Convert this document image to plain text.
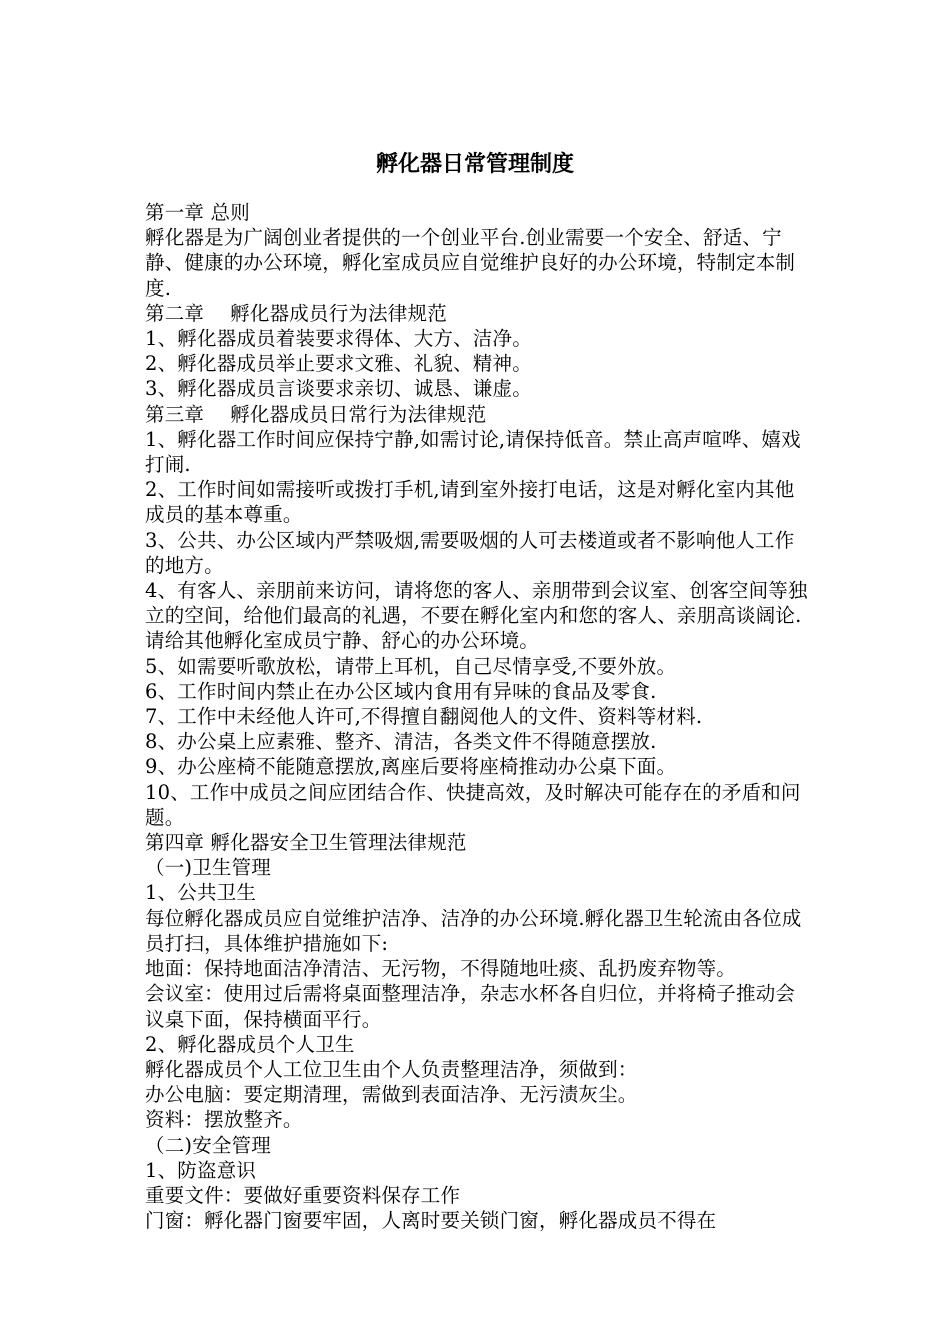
孵化器日常管理制度

第一章 总则

孵化器是为广阔创业者提供的一个创业平台.创业需要一个安全、舒适、宁静、健康的办公环境，孵化室成员应自觉维护良好的办公环境，特制定本制度.

第二章　 孵化器成员行为法律规范

1、孵化器成员着装要求得体、大方、洁净。

2、孵化器成员举止要求文雅、礼貌、精神。

3、孵化器成员言谈要求亲切、诚恳、谦虚。

第三章　 孵化器成员日常行为法律规范

1、孵化器工作时间应保持宁静,如需讨论,请保持低音。禁止高声喧哗、嬉戏打闹.

2、工作时间如需接听或拨打手机,请到室外接打电话，这是对孵化室内其他成员的基本尊重。

3、公共、办公区域内严禁吸烟,需要吸烟的人可去楼道或者不影响他人工作的地方。

4、有客人、亲朋前来访问，请将您的客人、亲朋带到会议室、创客空间等独立的空间，给他们最高的礼遇，不要在孵化室内和您的客人、亲朋高谈阔论.请给其他孵化室成员宁静、舒心的办公环境。

5、如需要听歌放松，请带上耳机，自己尽情享受,不要外放。

6、工作时间内禁止在办公区域内食用有异味的食品及零食.

7、工作中未经他人许可,不得擅自翻阅他人的文件、资料等材料.

8、办公桌上应素雅、整齐、清洁，各类文件不得随意摆放.

9、办公座椅不能随意摆放,离座后要将座椅推动办公桌下面。

10、工作中成员之间应团结合作、快捷高效，及时解决可能存在的矛盾和问题。

第四章 孵化器安全卫生管理法律规范

（一)卫生管理

1、公共卫生

每位孵化器成员应自觉维护洁净、洁净的办公环境.孵化器卫生轮流由各位成员打扫，具体维护措施如下:

地面：保持地面洁净清洁、无污物，不得随地吐痰、乱扔废弃物等。

会议室：使用过后需将桌面整理洁净，杂志水杯各自归位，并将椅子推动会议桌下面，保持横面平行。

2、孵化器成员个人卫生

孵化器成员个人工位卫生由个人负责整理洁净，须做到：

办公电脑：要定期清理，需做到表面洁净、无污渍灰尘。

资料：摆放整齐。

（二)安全管理

1、防盗意识

重要文件：要做好重要资料保存工作

门窗：孵化器门窗要牢固，人离时要关锁门窗，孵化器成员不得在
